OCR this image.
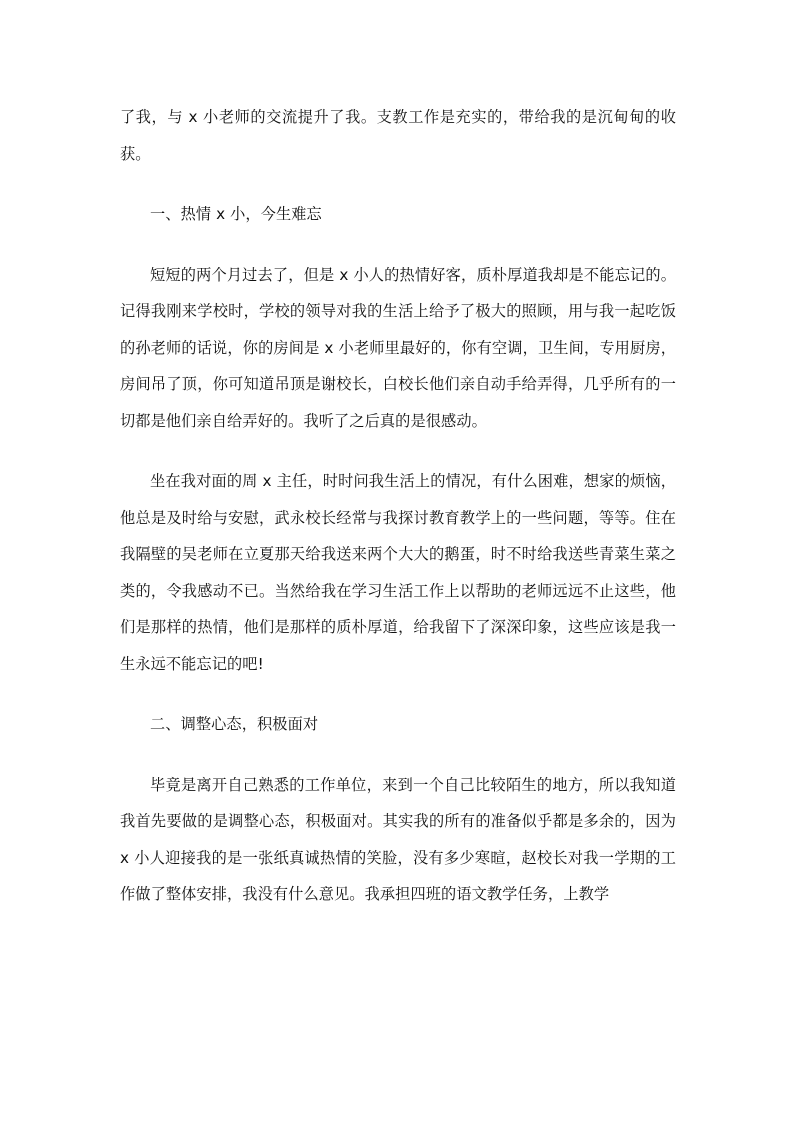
了我，与 x 小老师的交流提升了我。支教工作是充实的，带给我的是沉甸甸的收获。

一、热情 x 小，今生难忘

短短的两个月过去了，但是 x 小人的热情好客，质朴厚道我却是不能忘记的。记得我刚来学校时，学校的领导对我的生活上给予了极大的照顾，用与我一起吃饭的孙老师的话说，你的房间是 x 小老师里最好的，你有空调，卫生间，专用厨房，房间吊了顶，你可知道吊顶是谢校长，白校长他们亲自动手给弄得，几乎所有的一切都是他们亲自给弄好的。我听了之后真的是很感动。

坐在我对面的周 x 主任，时时问我生活上的情况，有什么困难，想家的烦恼，他总是及时给与安慰，武永校长经常与我探讨教育教学上的一些问题，等等。住在我隔壁的吴老师在立夏那天给我送来两个大大的鹅蛋，时不时给我送些青菜生菜之类的，令我感动不已。当然给我在学习生活工作上以帮助的老师远远不止这些，他们是那样的热情，他们是那样的质朴厚道，给我留下了深深印象，这些应该是我一生永远不能忘记的吧!

二、调整心态，积极面对

毕竟是离开自己熟悉的工作单位，来到一个自己比较陌生的地方，所以我知道我首先要做的是调整心态，积极面对。其实我的所有的准备似乎都是多余的，因为 x 小人迎接我的是一张纸真诚热情的笑脸，没有多少寒暄，赵校长对我一学期的工作做了整体安排，我没有什么意见。我承担四班的语文教学任务，上教学
